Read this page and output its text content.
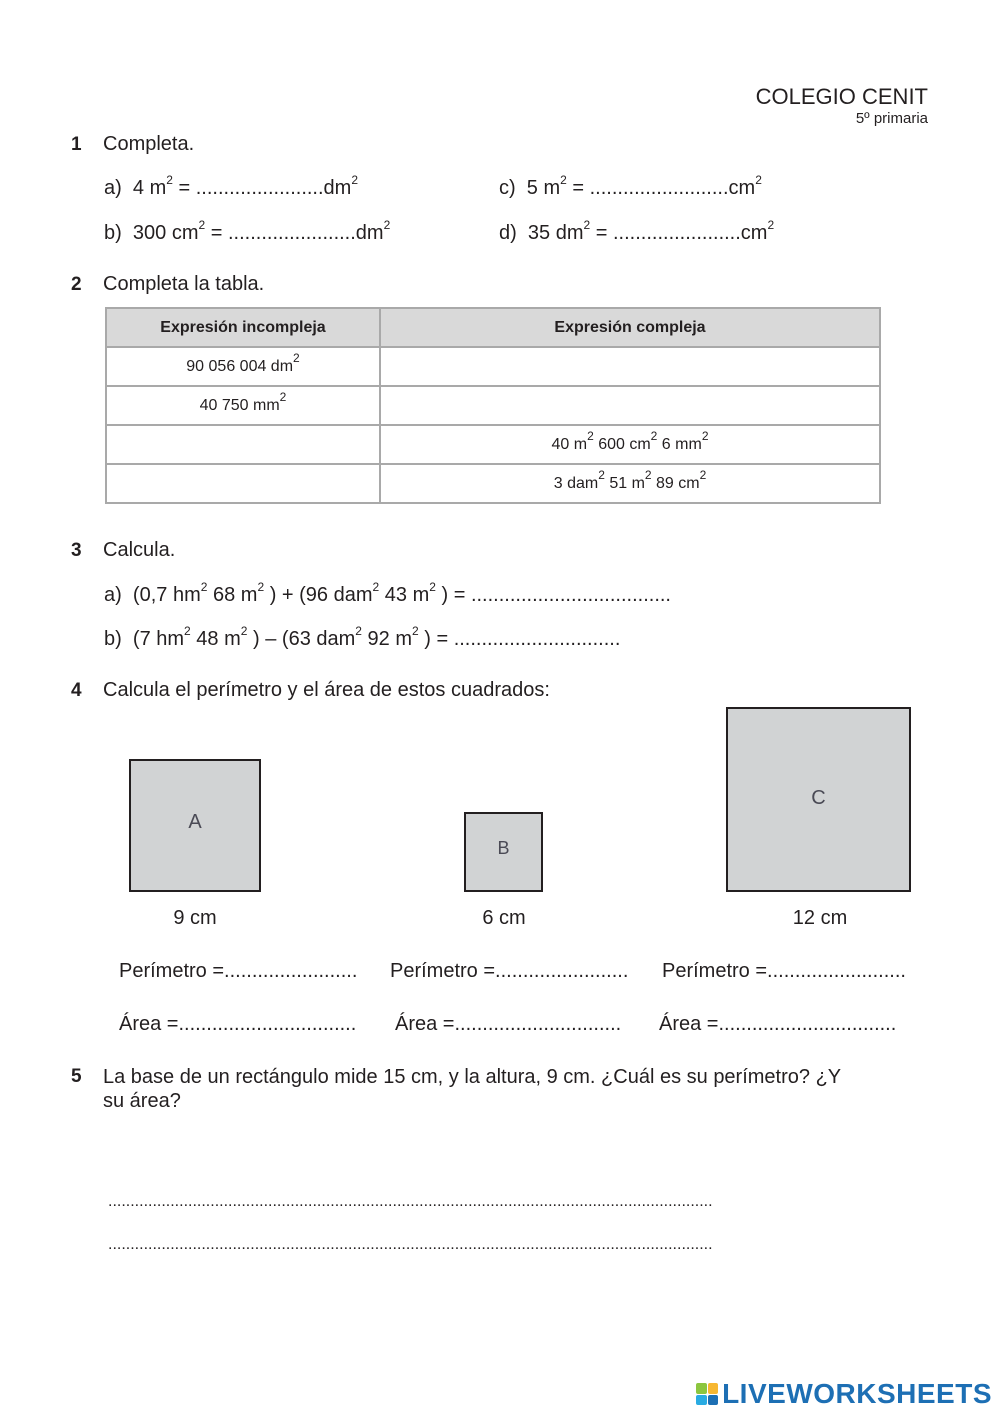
COLEGIO CENIT
5º primaria
1 Completa.
a) 4 $m^2 = .......................dm^2$
b) 300 $cm^2 = .......................dm^2$
c) 5 $m^2 = .........................cm^2$
d) 35 $dm^2 = .......................cm^2$
2 Completa la tabla.
Expresión incompleja	Expresión compleja
90 056 004 $dm^2$	
40 750 $mm^2$	
	40 $m^2$ 600 $cm^2$ 6 $mm^2$
	3 dam$^2$ 51 $m^2$ 89 $cm^2$
3 Calcula.
a) (0,7 $hm^2$ 68 $m^2$ ) + (96 dam$^2$ 43 $m^2$ ) = ....................................
b) (7 $hm^2$ 48 $m^2$ ) – (63 dam$^2$ 92 $m^2$ ) = ..............................
4 Calcula el perímetro y el área de estos cuadrados:
A
B
C
9 cm	6 cm	12 cm
Perímetro =........................ Perímetro =........................ Perímetro =.........................
Área =................................ Área =.............................. Área =................................
5 La base de un rectángulo mide 15 cm, y la altura, 9 cm. ¿Cuál es su perímetro? ¿Y
su área?
........................................................................................................................................
........................................................................................................................................
LIVEWORKSHEETS
